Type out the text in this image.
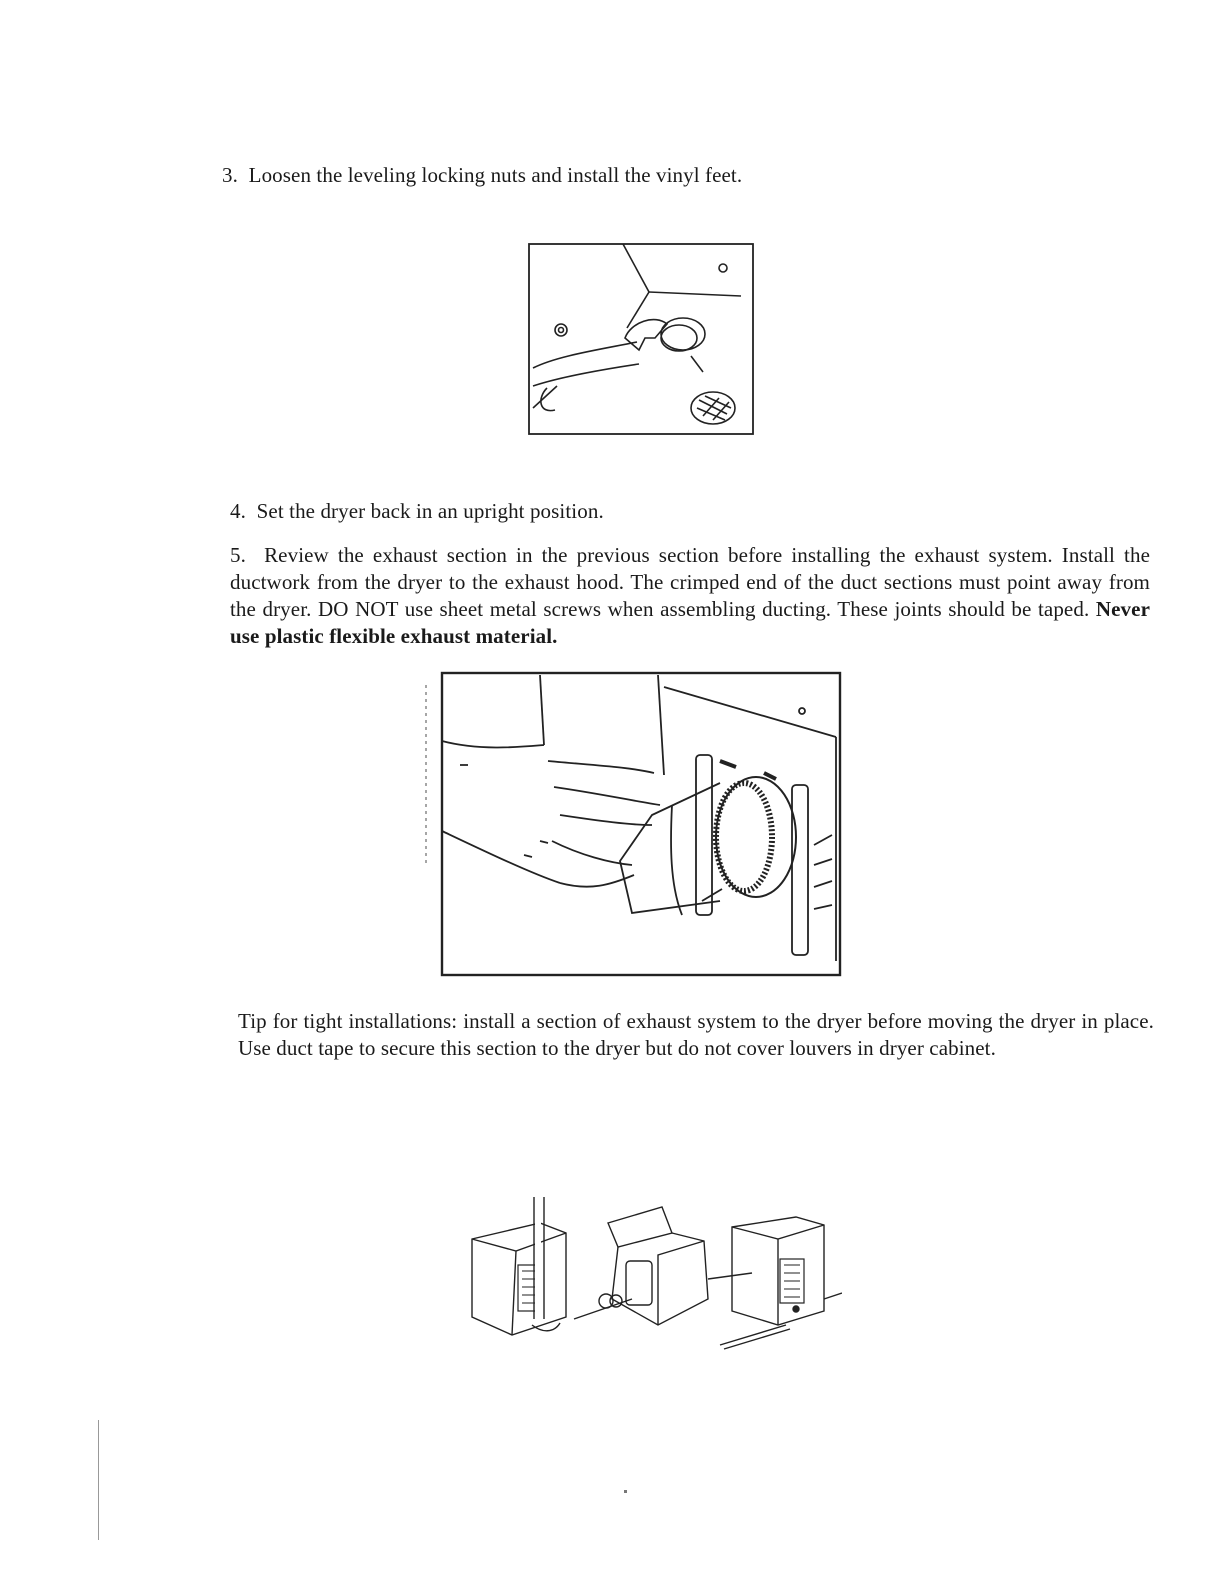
3. Loosen the leveling locking nuts and install the vinyl feet.
4. Set the dryer back in an upright position.
5. Review the exhaust section in the previous section before installing the exhaust system. Install the ductwork from the dryer to the exhaust hood. The crimped end of the duct sections must point away from the dryer. DO NOT use sheet metal screws when assembling ducting. These joints should be taped. Never use plastic flexible exhaust material.
Tip for tight installations: install a section of exhaust system to the dryer before moving the dryer in place. Use duct tape to secure this section to the dryer but do not cover louvers in dryer cabinet.
